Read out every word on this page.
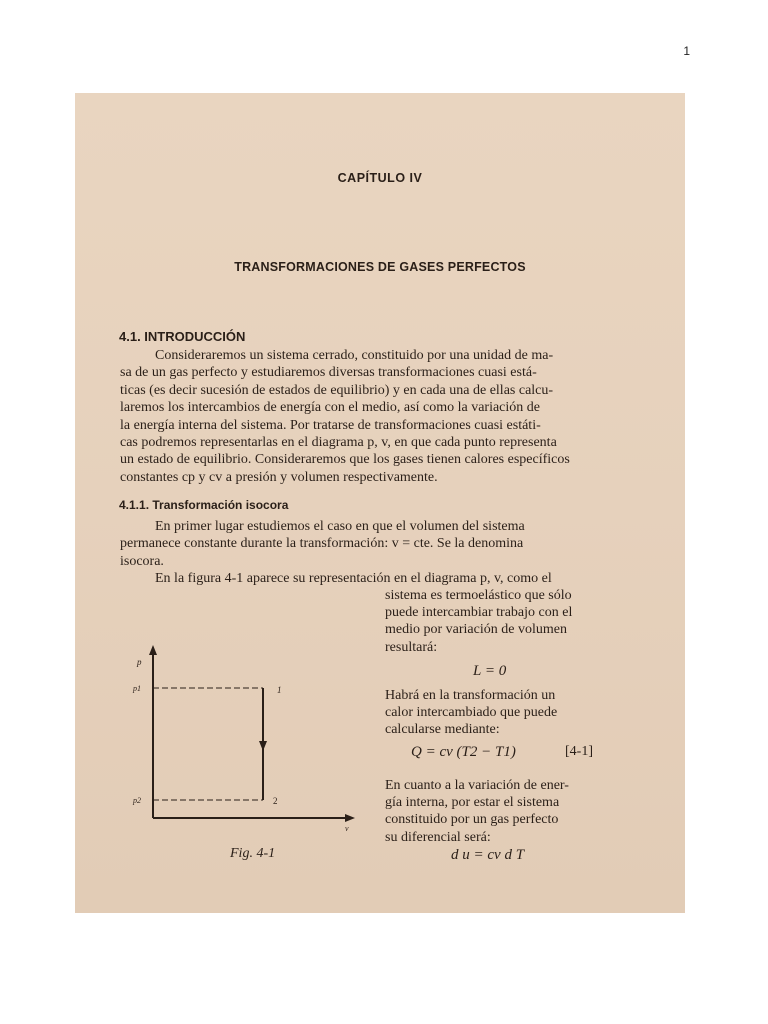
1
CAPÍTULO IV
TRANSFORMACIONES DE GASES PERFECTOS
4.1. INTRODUCCIÓN
Consideraremos un sistema cerrado, constituido por una unidad de ma-
sa de un gas perfecto y estudiaremos diversas transformaciones cuasi está-
ticas (es decir sucesión de estados de equilibrio) y en cada una de ellas calcu-
laremos los intercambios de energía con el medio, así como la variación de
la energía interna del sistema. Por tratarse de transformaciones cuasi estáti-
cas podremos representarlas en el diagrama p, v, en que cada punto representa
un estado de equilibrio. Consideraremos que los gases tienen calores específicos
constantes cp y cv a presión y volumen respectivamente.
4.1.1. Transformación isocora
En primer lugar estudiemos el caso en que el volumen del sistema
permanece constante durante la transformación: v = cte. Se la denomina
isocora.
En la figura 4-1 aparece su representación en el diagrama p, v, como el
sistema es termoelástico que sólo
puede intercambiar trabajo con el
medio por variación de volumen
resultará:
L = 0
Habrá en la transformación un
calor intercambiado que puede
calcularse mediante:
Q = cv (T2 − T1)	[4-1]
En cuanto a la variación de ener-
gía interna, por estar el sistema
constituido por un gas perfecto
su diferencial será:
d u = cv d T
p
p1
p2
1
2
v
Fig. 4-1
